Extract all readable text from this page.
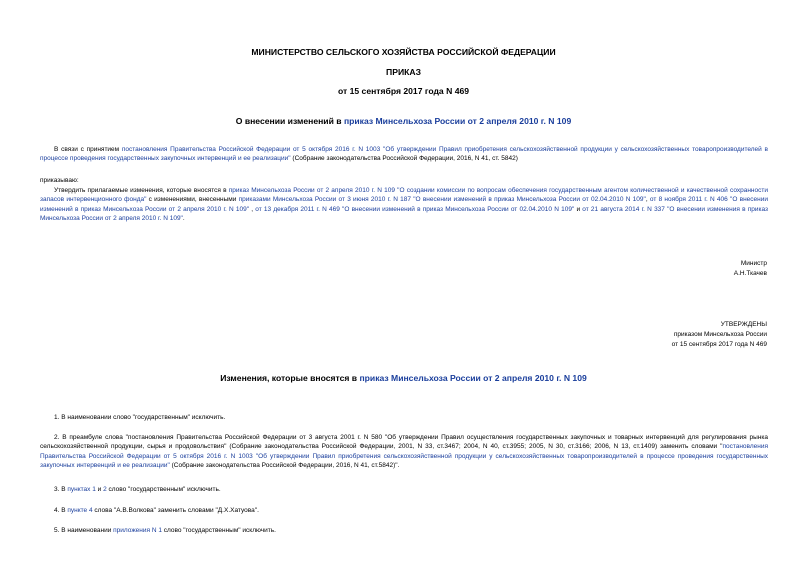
МИНИСТЕРСТВО СЕЛЬСКОГО ХОЗЯЙСТВА РОССИЙСКОЙ ФЕДЕРАЦИИ
ПРИКАЗ
от 15 сентября 2017 года N 469
О внесении изменений в приказ Минсельхоза России от 2 апреля 2010 г. N 109
В связи с принятием постановления Правительства Российской Федерации от 5 октября 2016 г. N 1003 "Об утверждении Правил приобретения сельскохозяйственной продукции у сельскохозяйственных товаропроизводителей в процессе проведения государственных закупочных интервенций и ее реализации" (Собрание законодательства Российской Федерации, 2016, N 41, ст. 5842)
приказываю:
Утвердить прилагаемые изменения, которые вносятся в приказ Минсельхоза России от 2 апреля 2010 г. N 109 "О создании комиссии по вопросам обеспечения государственным агентом количественной и качественной сохранности запасов интервенционного фонда" с изменениями, внесенными приказами Минсельхоза России от 3 июня 2010 г. N 187 "О внесении изменений в приказ Минсельхоза России от 02.04.2010 N 109", от 8 ноября 2011 г. N 406 "О внесении изменений в приказ Минсельхоза России от 2 апреля 2010 г. N 109" , от 13 декабря 2011 г. N 469 "О внесении изменений в приказ Минсельхоза России от 02.04.2010 N 109" и от 21 августа 2014 г. N 337 "О внесении изменения в приказ Минсельхоза России от 2 апреля 2010 г. N 109".
Министр
А.Н.Ткачев
УТВЕРЖДЕНЫ
приказом Минсельхоза России
от 15 сентября 2017 года N 469
Изменения, которые вносятся в приказ Минсельхоза России от 2 апреля 2010 г. N 109
1. В наименовании слово "государственным" исключить.
2. В преамбуле слова "постановления Правительства Российской Федерации от 3 августа 2001 г. N 580 "Об утверждении Правил осуществления государственных закупочных и товарных интервенций для регулирования рынка сельскохозяйственной продукции, сырья и продовольствия" (Собрание законодательства Российской Федерации, 2001, N 33, ст.3467; 2004, N 40, ст.3955; 2005, N 30, ст.3166; 2006, N 13, ст.1409) заменить словами "постановления Правительства Российской Федерации от 5 октября 2016 г. N 1003 "Об утверждении Правил приобретения сельскохозяйственной продукции у сельскохозяйственных товаропроизводителей в процессе проведения государственных закупочных интервенций и ее реализации" (Собрание законодательства Российской Федерации, 2016, N 41, ст.5842)".
3. В пунктах 1 и 2 слово "государственным" исключить.
4. В пункте 4 слова "А.В.Волкова" заменить словами "Д.Х.Хатуова".
5. В наименовании приложения N 1 слово "государственным" исключить.
